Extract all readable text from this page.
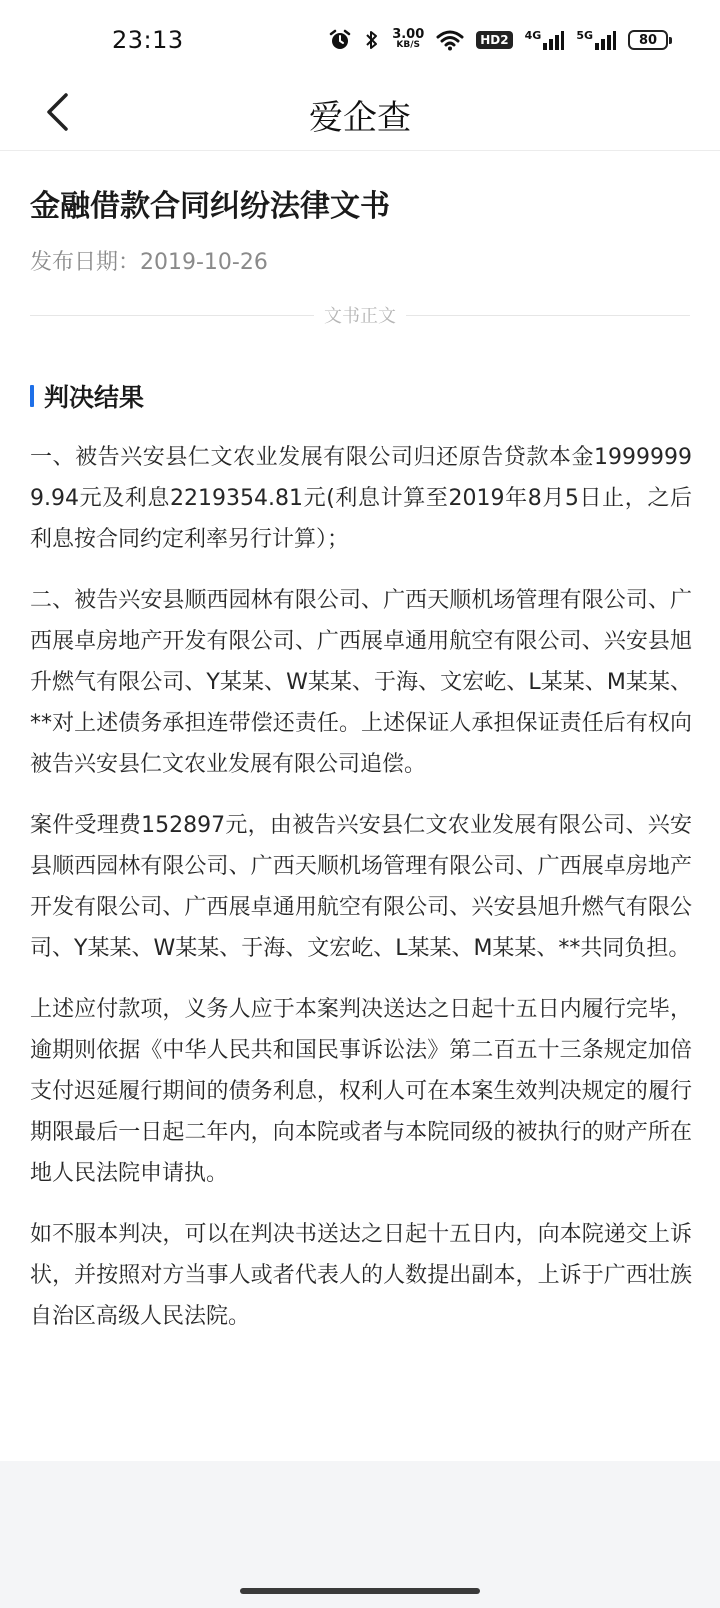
23:13	3.00
KB/S	HD2	4G	5G	80
爱企查
金融借款合同纠纷法律文书
发布日期：2019-10-26
文书正文
判决结果

一、被告兴安县仁文农业发展有限公司归还原告贷款本金19999999.94元及利息2219354.81元(利息计算至2019年8月5日止，之后利息按合同约定利率另行计算）；

二、被告兴安县顺西园林有限公司、广西天顺机场管理有限公司、广西展卓房地产开发有限公司、广西展卓通用航空有限公司、兴安县旭升燃气有限公司、Y某某、W某某、于海、文宏屹、L某某、M某某、**对上述债务承担连带偿还责任。上述保证人承担保证责任后有权向被告兴安县仁文农业发展有限公司追偿。

案件受理费152897元，由被告兴安县仁文农业发展有限公司、兴安县顺西园林有限公司、广西天顺机场管理有限公司、广西展卓房地产开发有限公司、广西展卓通用航空有限公司、兴安县旭升燃气有限公司、Y某某、W某某、于海、文宏屹、L某某、M某某、**共同负担。

上述应付款项，义务人应于本案判决送达之日起十五日内履行完毕，逾期则依据《中华人民共和国民事诉讼法》第二百五十三条规定加倍支付迟延履行期间的债务利息，权利人可在本案生效判决规定的履行期限最后一日起二年内，向本院或者与本院同级的被执行的财产所在地人民法院申请执。

如不服本判决，可以在判决书送达之日起十五日内，向本院递交上诉状，并按照对方当事人或者代表人的人数提出副本，上诉于广西壮族自治区高级人民法院。
